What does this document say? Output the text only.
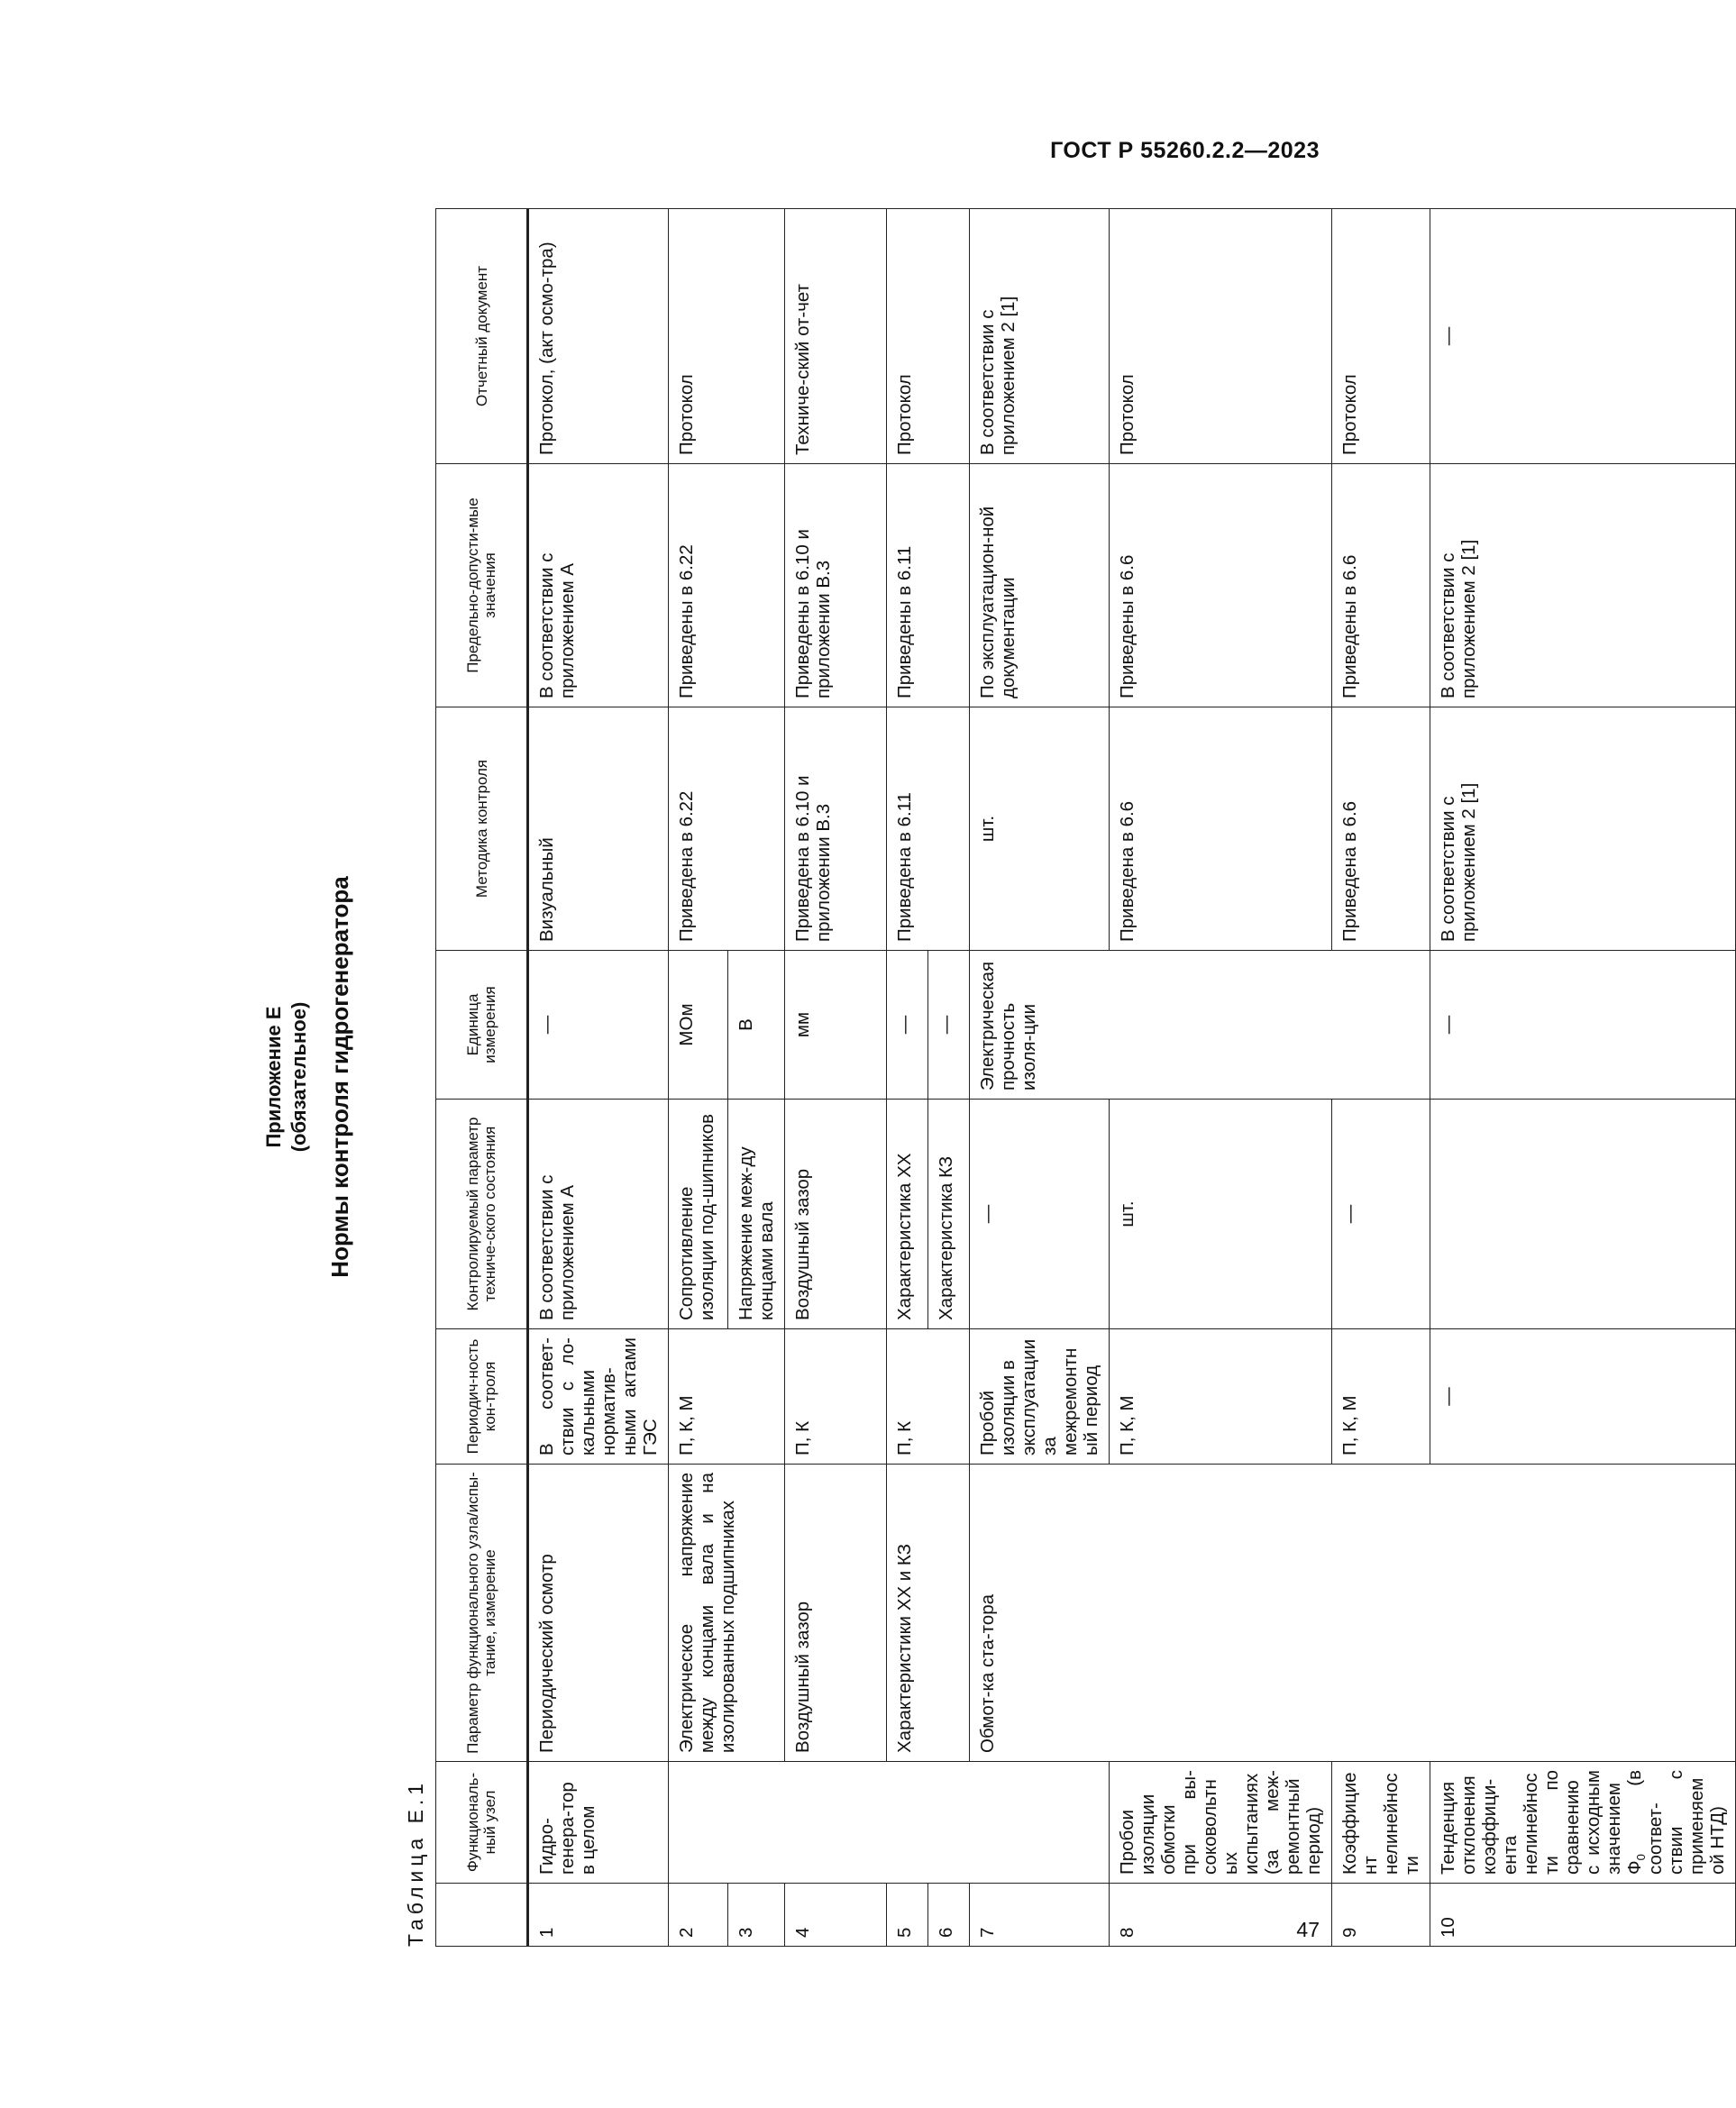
ГОСТ Р 55260.2.2—2023
47
Приложение Е (обязательное) Нормы контроля гидрогенератора
Таблица Е.1
	Функциональ-ный узел	Параметр функционального узла/испы-тание, измерение	Периодич-ность кон-троля	Контролируемый параметр техниче-ского состояния	Единица измерения	Методика контроля	Предельно-допусти-мые значения	Отчетный документ	
1	Гидро-генера-тор в целом	Периодический осмотр	В соответ-ствии с ло-кальными норматив-ными актами ГЭС	В соответствии с приложением А	—	Визуальный	В соответствии с приложением А	Протокол, (акт осмо-тра)	
2		Электрическое напряжение между концами вала и на изолированных подшипниках	П, К, М	Сопротивление изоляции под-шипников	МОм	Приведена в 6.22	Приведены в 6.22	Протокол	
3				Напряжение меж-ду концами вала	В				
4		Воздушный зазор	П, К	Воздушный зазор	мм	Приведена в 6.10 и приложении В.3	Приведены в 6.10 и приложении В.3	Техниче-ский от-чет	
5		Характеристики ХХ и КЗ	П, К	Характеристика ХХ	—	Приведена в 6.11	Приведены в 6.11	Протокол	
6				Характеристика КЗ	—				
7		Обмот-ка ста-тора	Пробой изоляции в эксплуатации за межремонтный период	—	Электрическая прочность изоля-ции	шт.	По эксплуатацион-ной документации	В соответствии с приложением 2 [1]	
8	Пробои изоляции обмотки при вы-соковольтных испытаниях (за меж-ремонтный период)		П, К, М	шт.		Приведена в 6.6	Приведены в 6.6	Протокол	
9	Коэффициент нелинейности		П, К, М	—		Приведена в 6.6	Приведены в 6.6	Протокол	
10	Тенденция отклонения коэффици-ента нелинейности по сравнению с исходным значением $Ф_0$ (в соответ-ствии с применяемой НТД)		—		—	В соответствии с приложением 2 [1]	В соответствии с приложением 2 [1]	—	
